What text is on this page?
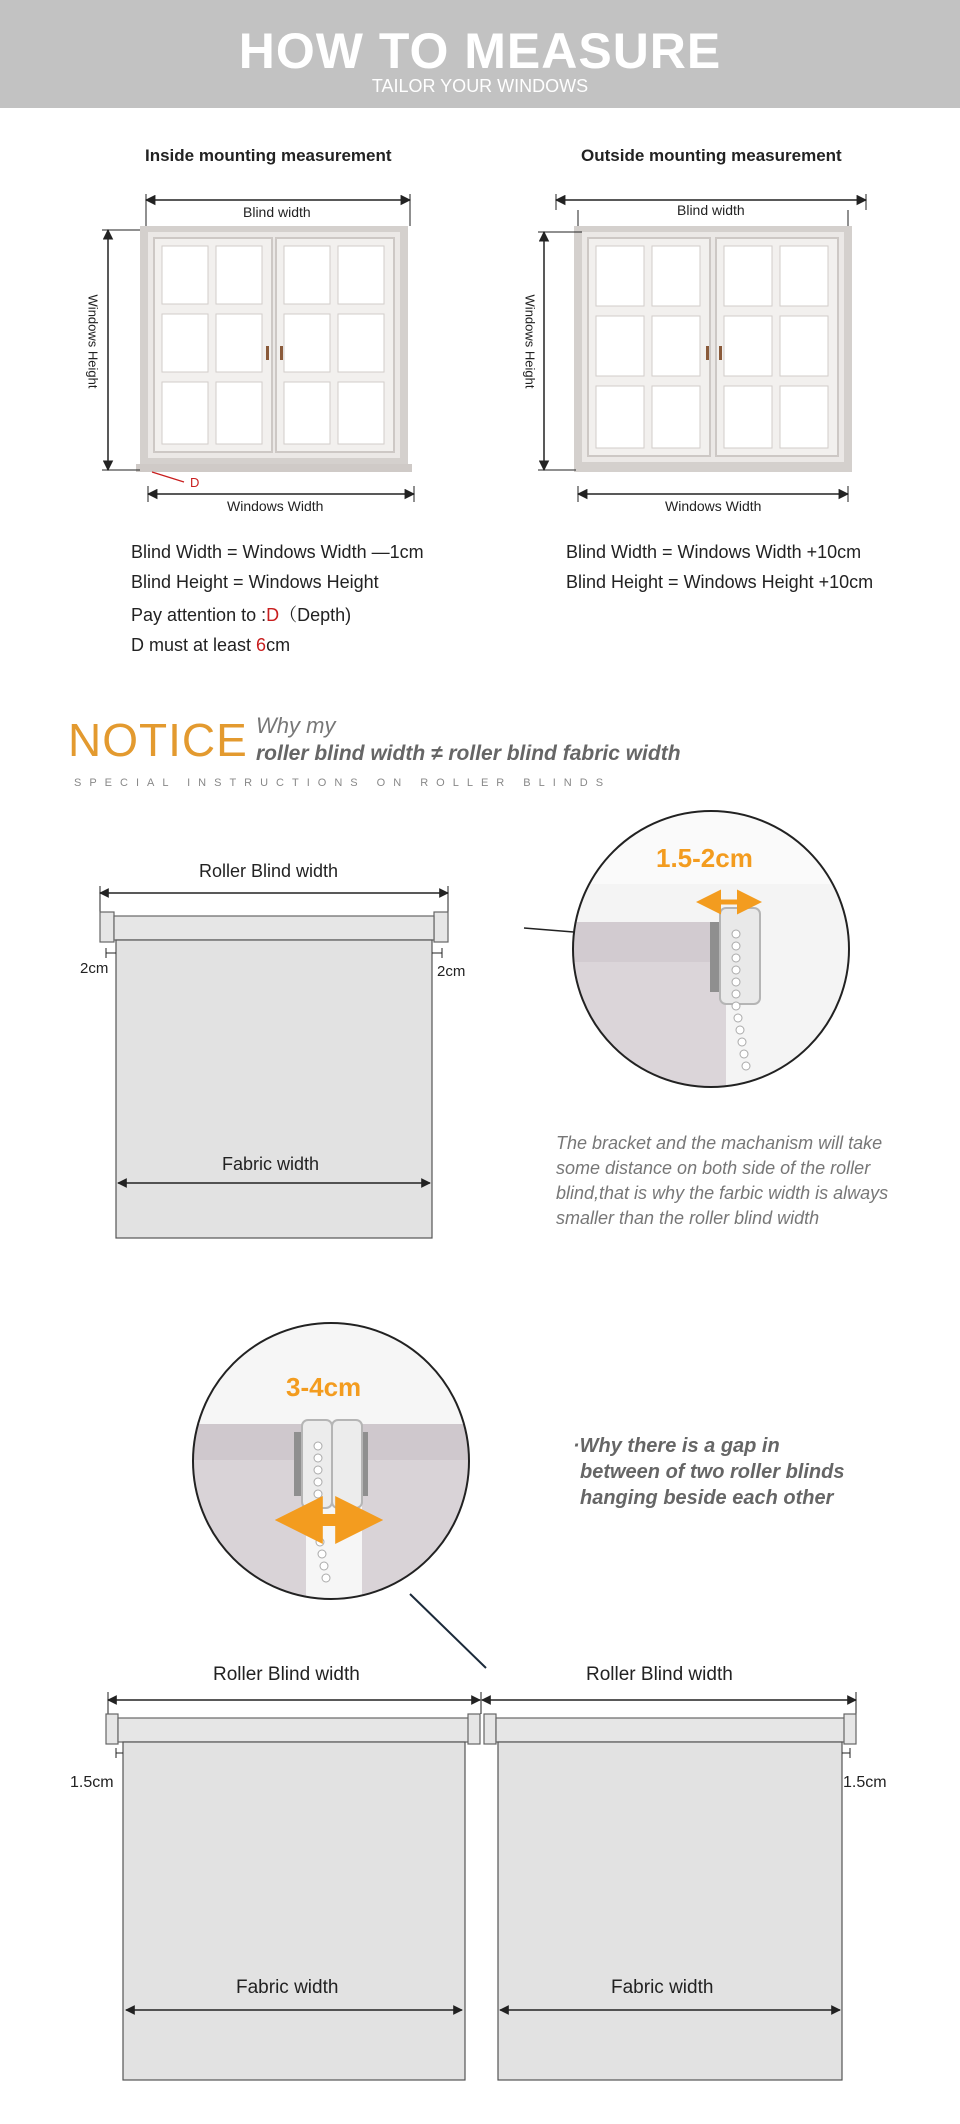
HOW TO MEASURE
TAILOR YOUR WINDOWS
Inside mounting measurement
Blind width
Windows Height
Windows Width
D
Blind Width = Windows Width —1cm
Blind Height = Windows Height
Pay attention to :D（Depth)
D must at least 6cm
Outside mounting measurement
Blind width
Windows Height
Windows Width
Blind Width = Windows Width +10cm
Blind Height = Windows Height +10cm
NOTICE Why my
roller blind width ≠ roller blind fabric width
SPECIAL INSTRUCTIONS ON ROLLER BLINDS
Roller Blind width
2cm	2cm
Fabric width
1.5-2cm
The bracket and the machanism will take some distance on both side of the roller blind,that is why the farbic width is always smaller than the roller blind width
3-4cm
·Why there is a gap in
between of two roller blinds
hanging beside each other
Roller Blind width	Roller Blind width
1.5cm	1.5cm
Fabric width	Fabric width
